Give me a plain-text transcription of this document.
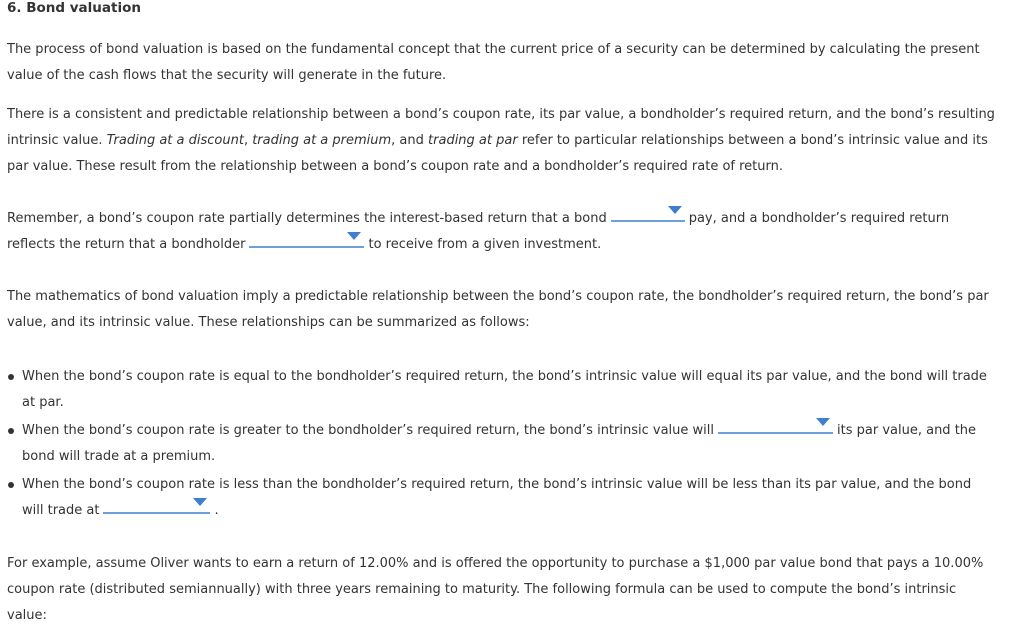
6. Bond valuation
The process of bond valuation is based on the fundamental concept that the current price of a security can be determined by calculating the present
value of the cash flows that the security will generate in the future.
There is a consistent and predictable relationship between a bond’s coupon rate, its par value, a bondholder’s required return, and the bond’s resulting
intrinsic value. Trading at a discount, trading at a premium, and trading at par refer to particular relationships between a bond’s intrinsic value and its
par value. These result from the relationship between a bond’s coupon rate and a bondholder’s required rate of return.
Remember, a bond’s coupon rate partially determines the interest-based return that a bond	pay, and a bondholder’s required return
reflects the return that a bondholder	to receive from a given investment.
The mathematics of bond valuation imply a predictable relationship between the bond’s coupon rate, the bondholder’s required return, the bond’s par
value, and its intrinsic value. These relationships can be summarized as follows:
When the bond’s coupon rate is equal to the bondholder’s required return, the bond’s intrinsic value will equal its par value, and the bond will trade
at par.
When the bond’s coupon rate is greater to the bondholder’s required return, the bond’s intrinsic value will	its par value, and the
bond will trade at a premium.
When the bond’s coupon rate is less than the bondholder’s required return, the bond’s intrinsic value will be less than its par value, and the bond
will trade at	.
For example, assume Oliver wants to earn a return of 12.00% and is offered the opportunity to purchase a $1,000 par value bond that pays a 10.00%
coupon rate (distributed semiannually) with three years remaining to maturity. The following formula can be used to compute the bond’s intrinsic
value:
